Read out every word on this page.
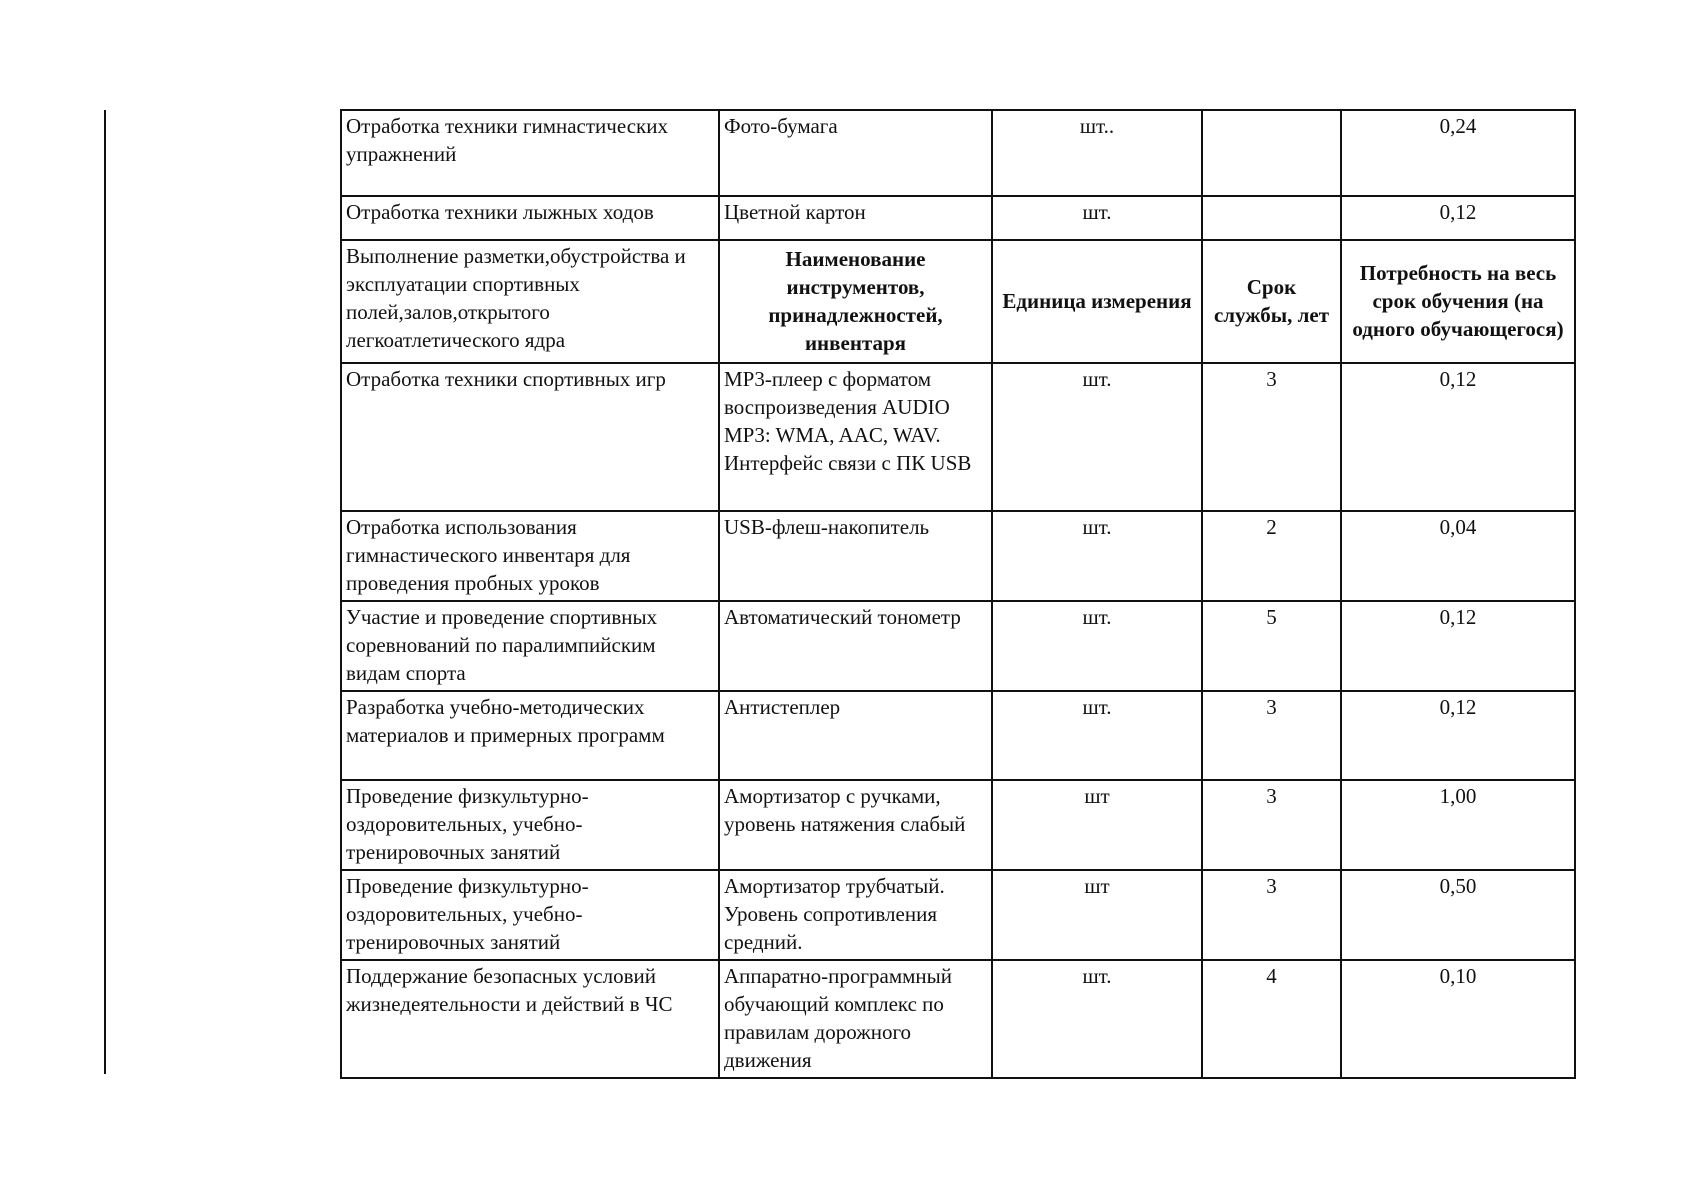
Отработка техники гимнастических упражнений	Фото-бумага	шт..		0,24
Отработка техники лыжных ходов	Цветной картон	шт.		0,12
Выполнение разметки,обустройства и эксплуатации спортивных полей,залов,открытого легкоатлетического ядра	Наименование инструментов, принадлежностей, инвентаря	Единица измерения	Срок службы, лет	Потребность на весь срок обучения (на одного обучающегося)
Отработка техники спортивных игр	MP3-плеер с форматом воспроизведения AUDIO MP3: WMA, AAC, WAV. Интерфейс связи с ПК USB	шт.	3	0,12
Отработка использования гимнастического инвентаря для проведения пробных уроков	USB-флеш-накопитель	шт.	2	0,04
Участие и проведение спортивных соревнований по паралимпийским видам спорта	Автоматический тонометр	шт.	5	0,12
Разработка учебно-методических материалов и примерных программ	Антистеплер	шт.	3	0,12
Проведение физкультурно-оздоровительных, учебно-тренировочных занятий	Амортизатор с ручками, уровень натяжения слабый	шт	3	1,00
Проведение физкультурно-оздоровительных, учебно-тренировочных занятий	Амортизатор трубчатый. Уровень сопротивления средний.	шт	3	0,50
Поддержание безопасных условий жизнедеятельности и действий в ЧС	Аппаратно-программный обучающий комплекс по правилам дорожного движения	шт.	4	0,10
